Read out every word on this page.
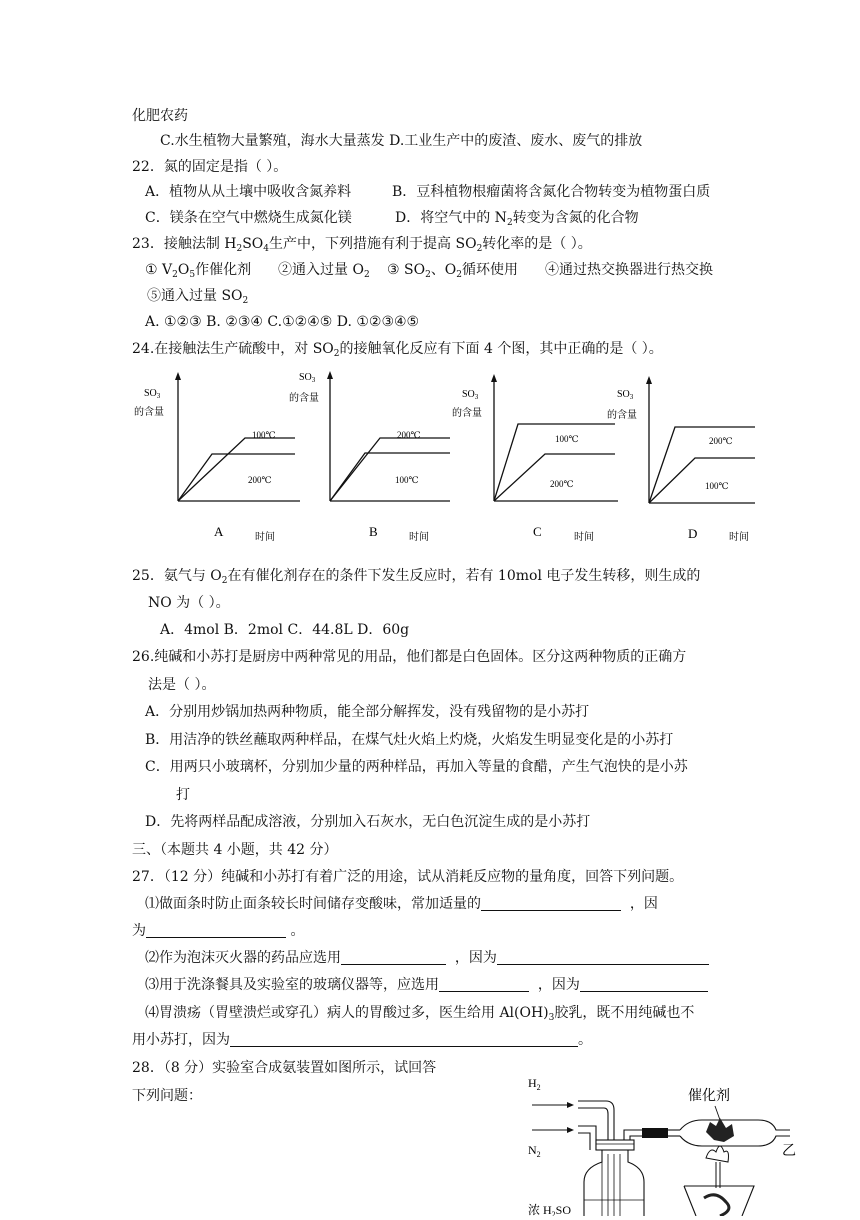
化肥农药
C.水生植物大量繁殖，海水大量蒸发 D.工业生产中的废渣、废水、废气的排放
22．氮的固定是指（ ）。
A．植物从从土壤中吸收含氮养料	B．豆科植物根瘤菌将含氮化合物转变为植物蛋白质
C．镁条在空气中燃烧生成氮化镁	D．将空气中的 $N_2$转变为含氮的化合物
23．接触法制 $H_2SO_4$生产中，下列措施有利于提高 $SO_2$转化率的是（ ）。
① $V_2O_5$作催化剂 ②通入过量 $O_2$ ③ $SO_2$、$O_2$循环使用 ④通过热交换器进行热交换
⑤通入过量 $SO_2$
A. ①②③ B. ②③④ C.①②④⑤ D. ①②③④⑤
24.在接触法生产硫酸中，对 $SO_2$的接触氧化反应有下面 4 个图，其中正确的是（ ）。
$SO_3$
的含量
100℃
200℃
A	时间
$SO_3$
的含量
200℃
100℃
B	时间
$SO_3$
的含量
100℃
200℃
C	时间
$SO_3$
的含量
200℃
100℃
D	时间
25．氨气与 $O_2$在有催化剂存在的条件下发生反应时，若有 10mol 电子发生转移，则生成的
NO 为（ ）。
A．4mol B．2mol C．44.8L D．60g
26.纯碱和小苏打是厨房中两种常见的用品，他们都是白色固体。区分这两种物质的正确方
法是（ ）。
A．分别用炒锅加热两种物质，能全部分解挥发，没有残留物的是小苏打
B．用洁净的铁丝蘸取两种样品，在煤气灶火焰上灼烧，火焰发生明显变化是的小苏打
C．用两只小玻璃杯，分别加少量的两种样品，再加入等量的食醋，产生气泡快的是小苏
打
D．先将两样品配成溶液，分别加入石灰水，无白色沉淀生成的是小苏打
三、（本题共 4 小题，共 42 分）
27．（12 分）纯碱和小苏打有着广泛的用途，试从消耗反应物的量角度，回答下列问题。
⑴做面条时防止面条较长时间储存变酸味，常加适量的	，因
为	。
⑵作为泡沫灭火器的药品应选用	，因为
⑶用于洗涤餐具及实验室的玻璃仪器等，应选用	，因为
⑷胃溃疡（胃壁溃烂或穿孔）病人的胃酸过多，医生给用 $Al(OH)_3$胶乳，既不用纯碱也不
用小苏打，因为	。
28．（8 分）实验室合成氨装置如图所示，试回答
下列问题：
$H_2$
$N_2$
催化剂
乙
浓 $H_2SO$
